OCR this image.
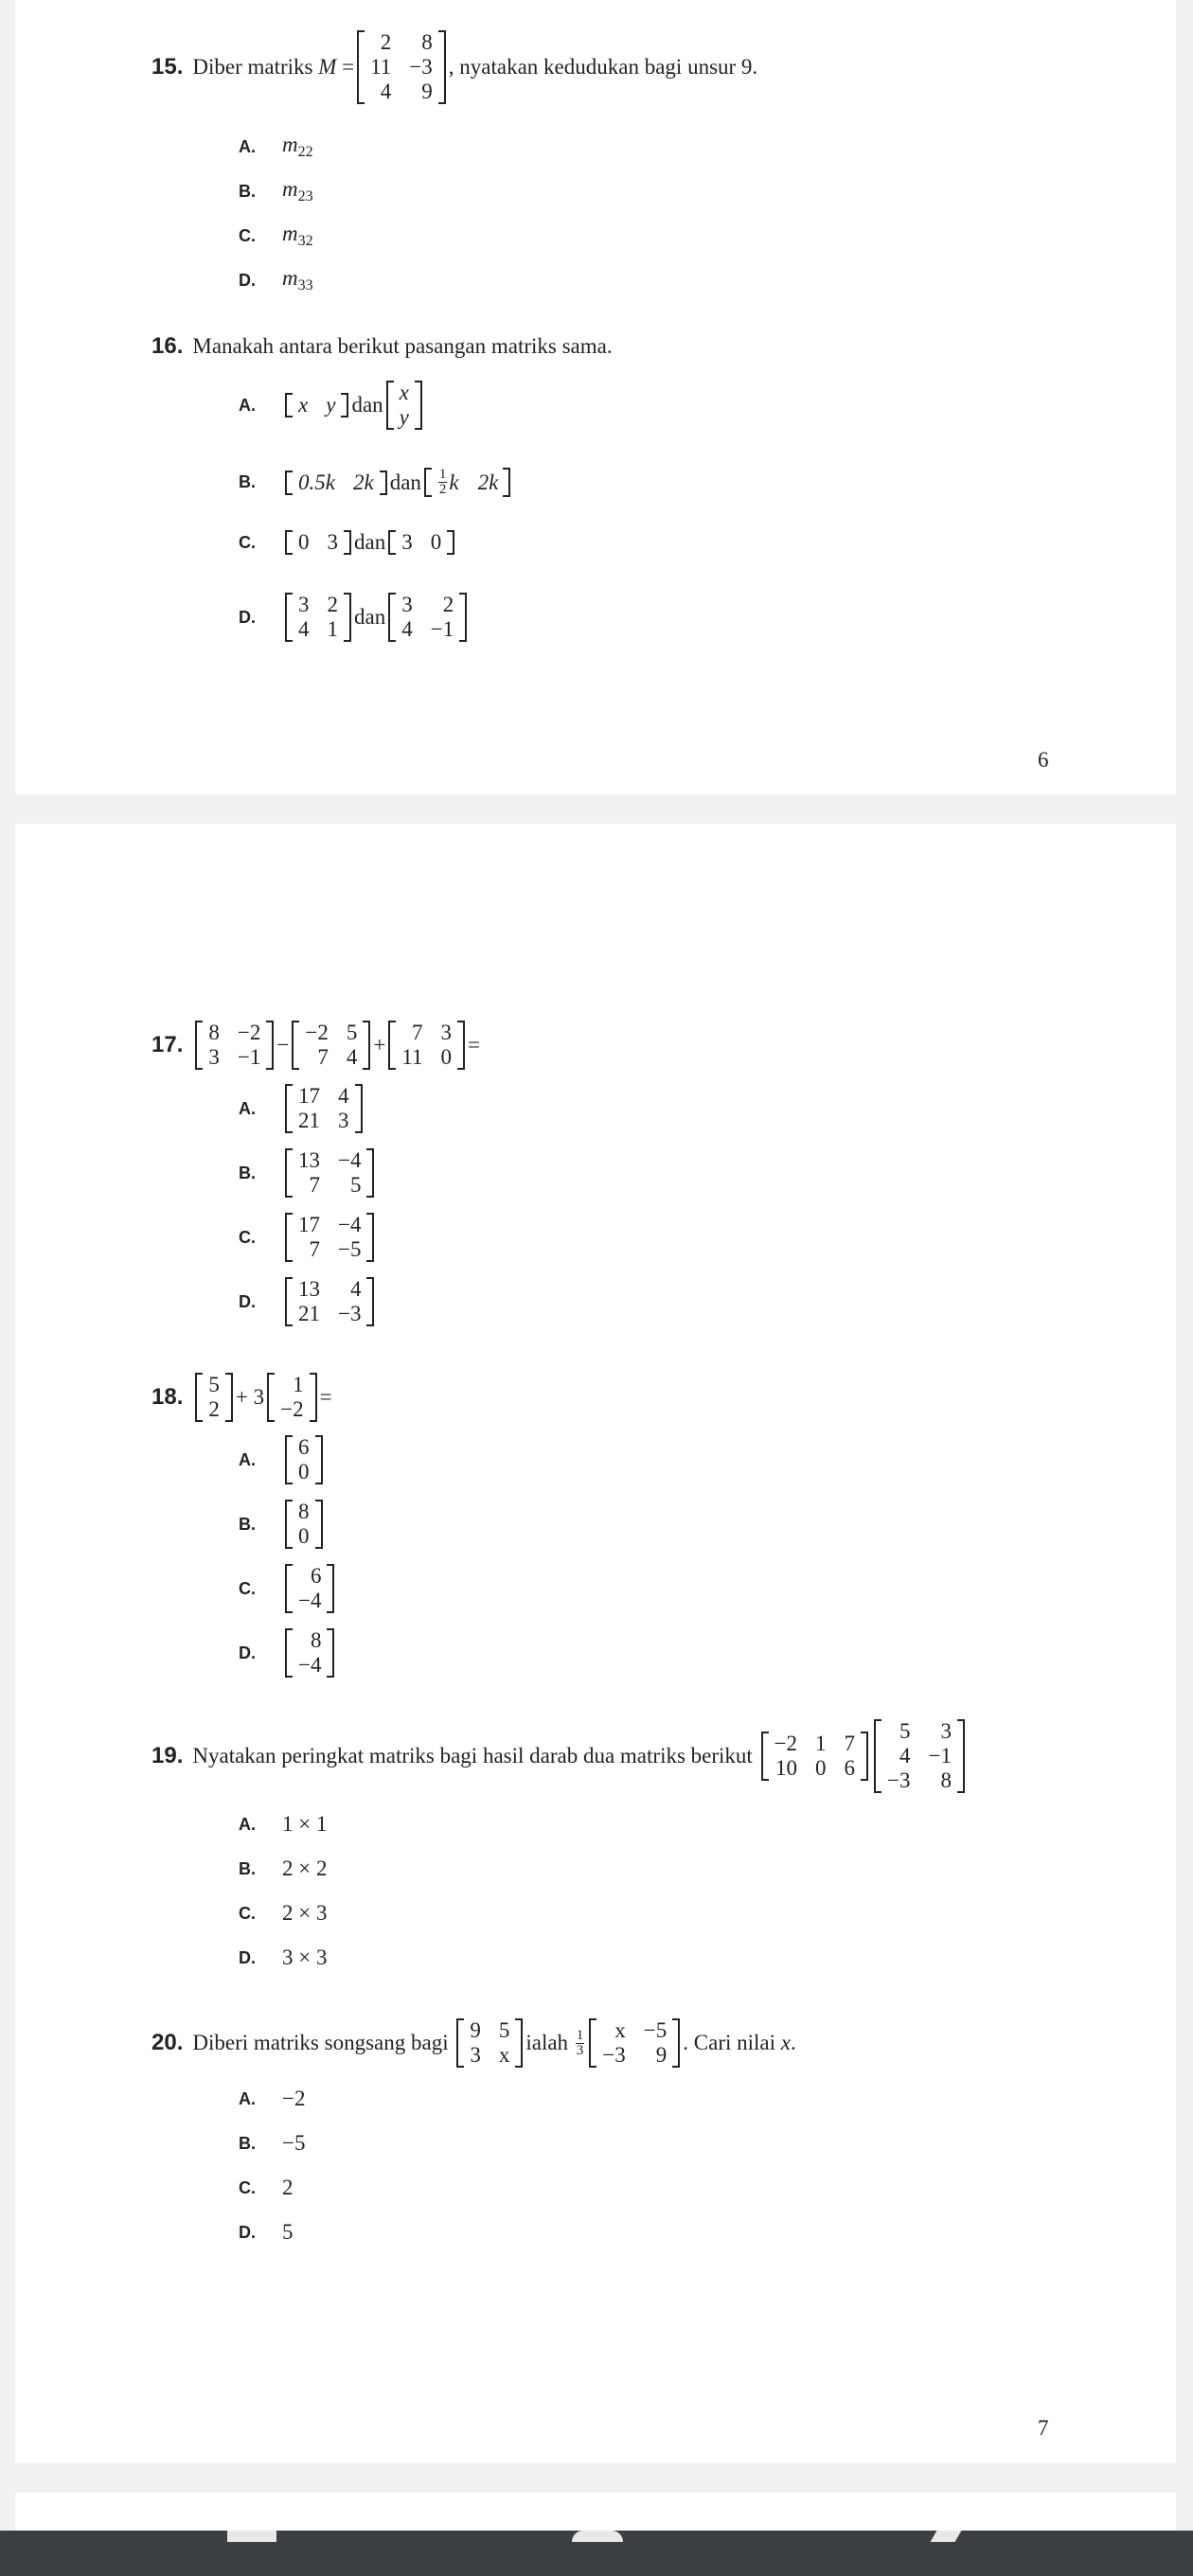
15. Diber matriks
M
=
2	8
11	−3
4	9
, nyatakan kedudukan bagi unsur 9.
A.	$m_{22}$
B.	$m_{23}$
C.	$m_{32}$
D.	$m_{33}$
16. Manakah antara berikut pasangan matriks sama.
A.	x	y dan
x
y
B.	0.5k	2k dan $\frac{1}{2}$ k 2k
C.	0	3 dan 3	0
D.
3	2
4	1
dan
3	2
4	−1
6
17. 8	−2
3	−1
−
−2	5
7	4
+
7	3
11	0
=
A.
17	4
21	3
B.
13	−4
7	5
C.
17	−4
7	−5
D.
13	4
21	−3
18. 5
2
+ 3
1
−2
=
A.
6
0
B.
8
0
C.
6
−4
D.
8
−4
19. Nyatakan peringkat matriks bagi hasil darab dua matriks berikut

−2	1	7
10	0	6
5	3
4	−1
−3	8
A.	1 × 1
B.	2 × 2
C.	2 × 3
D.	3 × 3
20. Diberi matriks songsang bagi

9	5
3	x
ialah
$\frac{1}{3}$ x	−5
−3	9
. Cari nilai
x .
A.	−2
B.	−5
C.	2
D.	5
7
